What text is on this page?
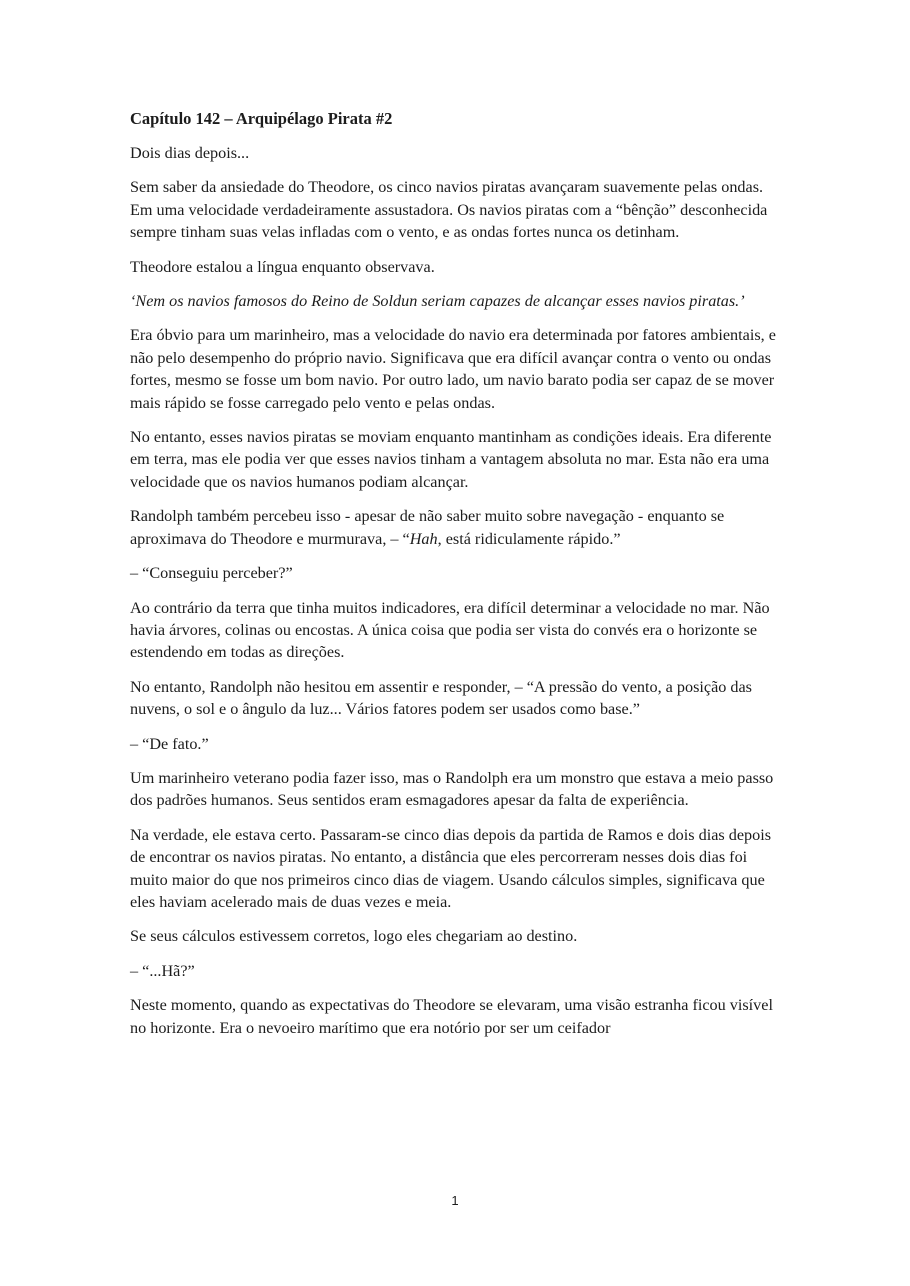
Capítulo 142 – Arquipélago Pirata #2

Dois dias depois...

Sem saber da ansiedade do Theodore, os cinco navios piratas avançaram suavemente pelas ondas. Em uma velocidade verdadeiramente assustadora. Os navios piratas com a “bênção” desconhecida sempre tinham suas velas infladas com o vento, e as ondas fortes nunca os detinham.

Theodore estalou a língua enquanto observava.

‘Nem os navios famosos do Reino de Soldun seriam capazes de alcançar esses navios piratas.’

Era óbvio para um marinheiro, mas a velocidade do navio era determinada por fatores ambientais, e não pelo desempenho do próprio navio. Significava que era difícil avançar contra o vento ou ondas fortes, mesmo se fosse um bom navio. Por outro lado, um navio barato podia ser capaz de se mover mais rápido se fosse carregado pelo vento e pelas ondas.

No entanto, esses navios piratas se moviam enquanto mantinham as condições ideais. Era diferente em terra, mas ele podia ver que esses navios tinham a vantagem absoluta no mar. Esta não era uma velocidade que os navios humanos podiam alcançar.

Randolph também percebeu isso - apesar de não saber muito sobre navegação - enquanto se aproximava do Theodore e murmurava, – “Hah, está ridiculamente rápido.”

– “Conseguiu perceber?”

Ao contrário da terra que tinha muitos indicadores, era difícil determinar a velocidade no mar. Não havia árvores, colinas ou encostas. A única coisa que podia ser vista do convés era o horizonte se estendendo em todas as direções.

No entanto, Randolph não hesitou em assentir e responder, – “A pressão do vento, a posição das nuvens, o sol e o ângulo da luz... Vários fatores podem ser usados como base.”

– “De fato.”

Um marinheiro veterano podia fazer isso, mas o Randolph era um monstro que estava a meio passo dos padrões humanos. Seus sentidos eram esmagadores apesar da falta de experiência.

Na verdade, ele estava certo. Passaram-se cinco dias depois da partida de Ramos e dois dias depois de encontrar os navios piratas. No entanto, a distância que eles percorreram nesses dois dias foi muito maior do que nos primeiros cinco dias de viagem. Usando cálculos simples, significava que eles haviam acelerado mais de duas vezes e meia.

Se seus cálculos estivessem corretos, logo eles chegariam ao destino.

– “...Hã?”

Neste momento, quando as expectativas do Theodore se elevaram, uma visão estranha ficou visível no horizonte. Era o nevoeiro marítimo que era notório por ser um ceifador

1
